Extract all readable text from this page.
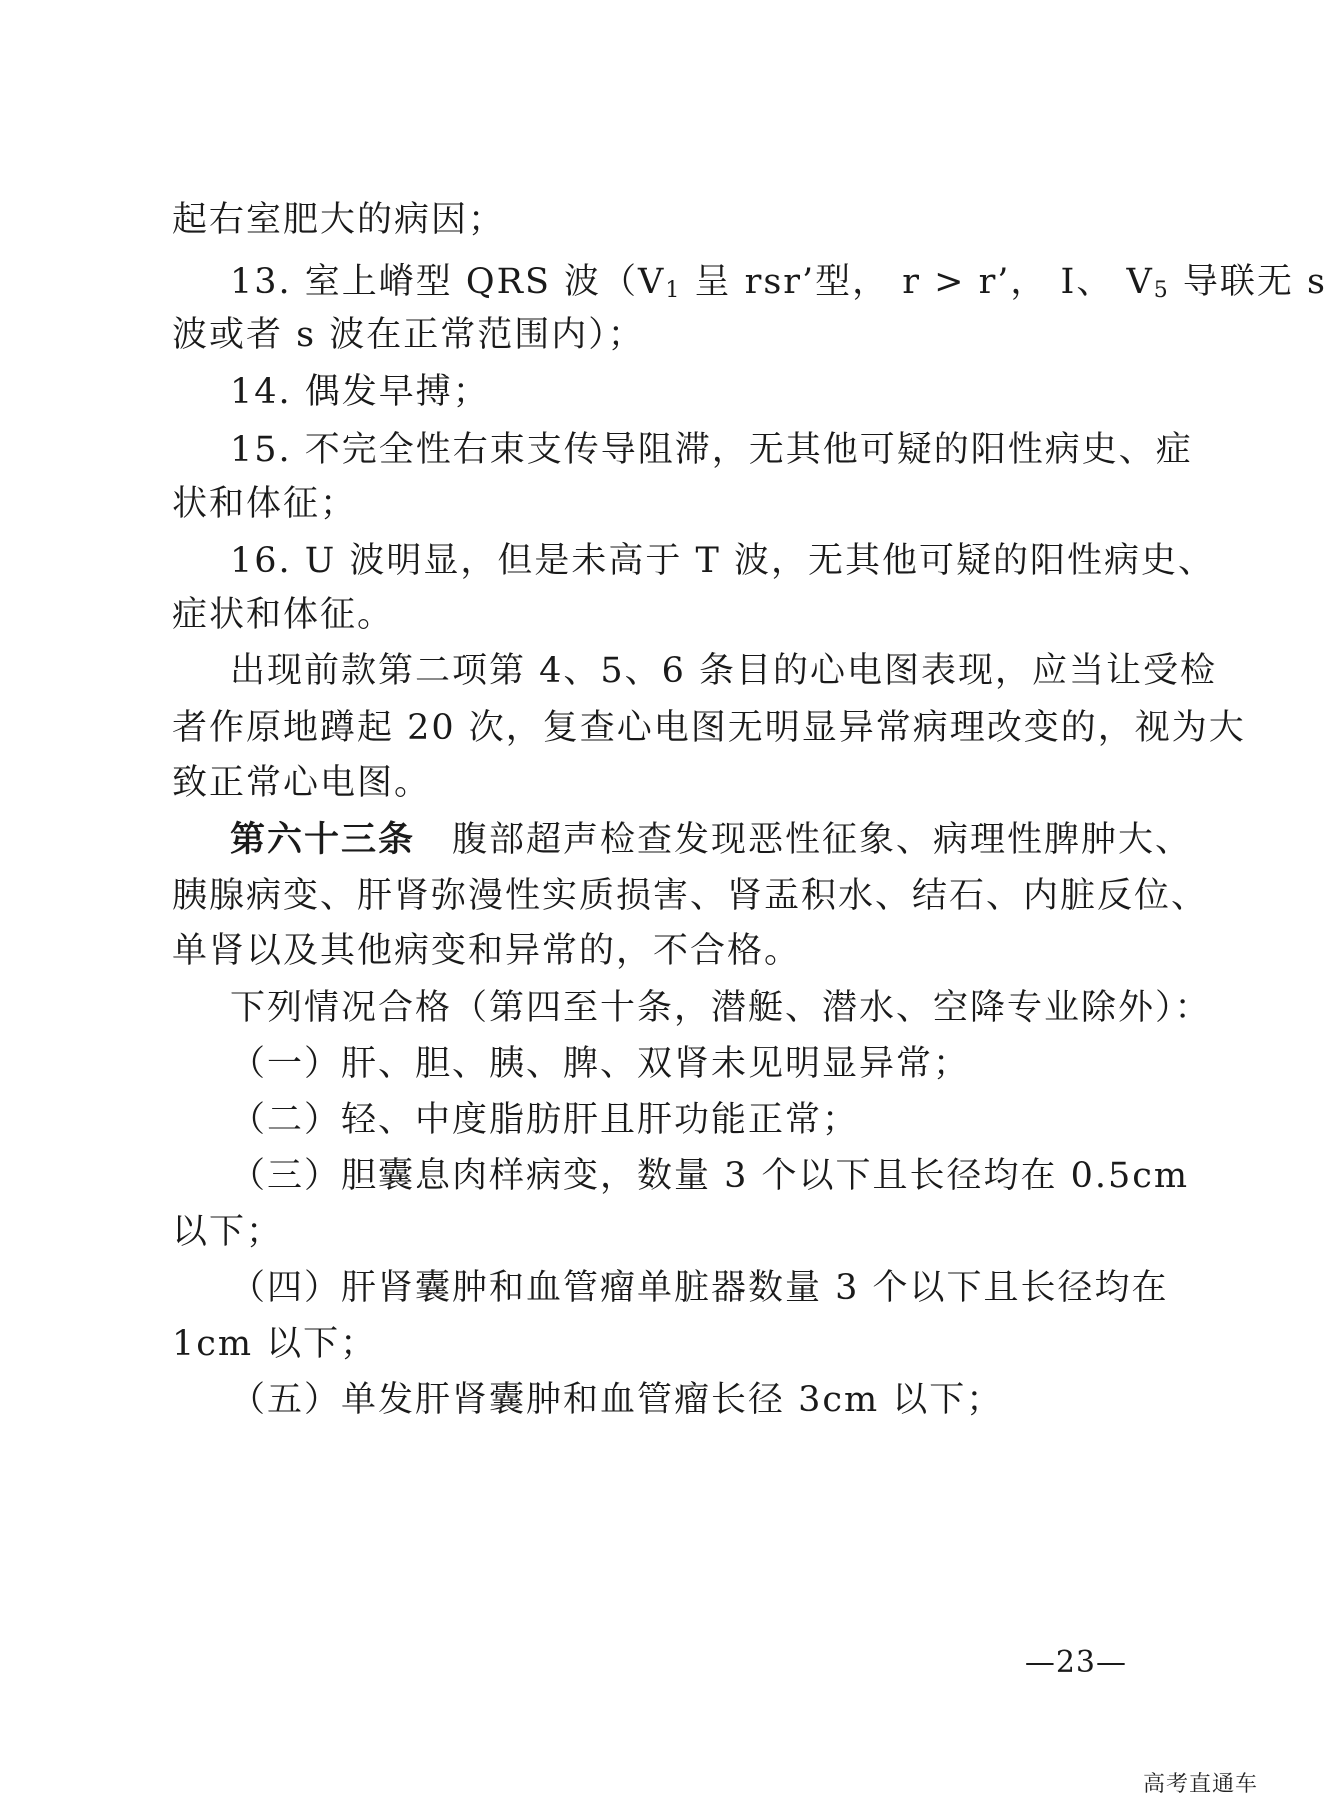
起右室肥大的病因；
13. 室上嵴型 QRS 波（$V_1$ 呈 rsr’型， r > r’， I、 $V_5$ 导联无 s
波或者 s 波在正常范围内）；
14. 偶发早搏；
15. 不完全性右束支传导阻滞，无其他可疑的阳性病史、症
状和体征；
16. U 波明显，但是未高于 T 波，无其他可疑的阳性病史、
症状和体征。
出现前款第二项第 4、5、6 条目的心电图表现，应当让受检
者作原地蹲起 20 次，复查心电图无明显异常病理改变的，视为大
致正常心电图。
第六十三条　腹部超声检查发现恶性征象、病理性脾肿大、
胰腺病变、肝肾弥漫性实质损害、肾盂积水、结石、内脏反位、
单肾以及其他病变和异常的，不合格。
下列情况合格（第四至十条，潜艇、潜水、空降专业除外）：
（一）肝、胆、胰、脾、双肾未见明显异常；
（二）轻、中度脂肪肝且肝功能正常；
（三）胆囊息肉样病变，数量 3 个以下且长径均在 0.5cm
以下；
（四）肝肾囊肿和血管瘤单脏器数量 3 个以下且长径均在
1cm 以下；
（五）单发肝肾囊肿和血管瘤长径 3cm 以下；
—23—
高考直通车
